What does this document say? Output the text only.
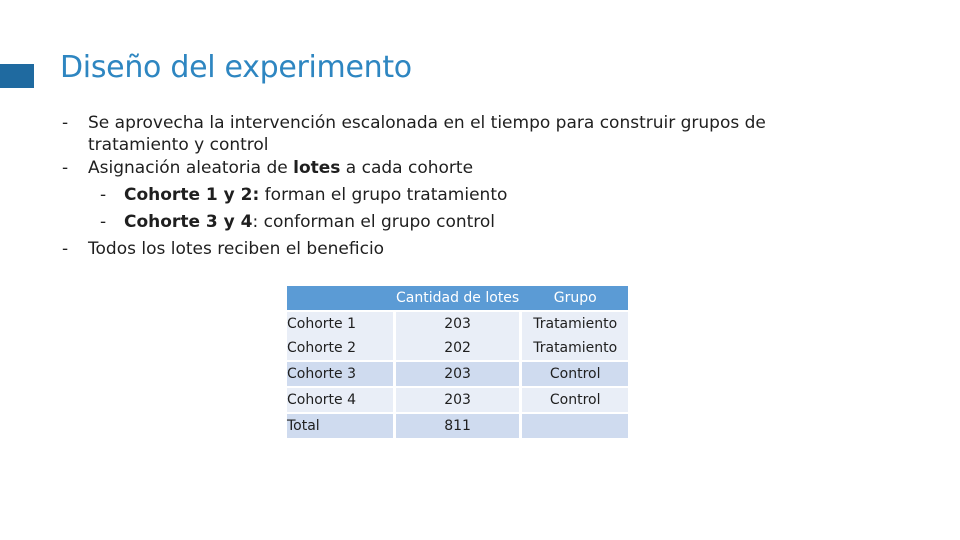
Diseño del experimento
- Se aprovecha la intervención escalonada en el tiempo para construir grupos de
tratamiento y control
- Asignación aleatoria de lotes a cada cohorte
- Cohorte 1 y 2: forman el grupo tratamiento
- Cohorte 3 y 4: conforman el grupo control
- Todos los lotes reciben el beneficio
		Cantidad de lotes		Grupo

Cohorte 1		203		Tratamiento
Cohorte 2		202		Tratamiento

Cohorte 3		203		Control

Cohorte 4		203		Control

Total		811		
